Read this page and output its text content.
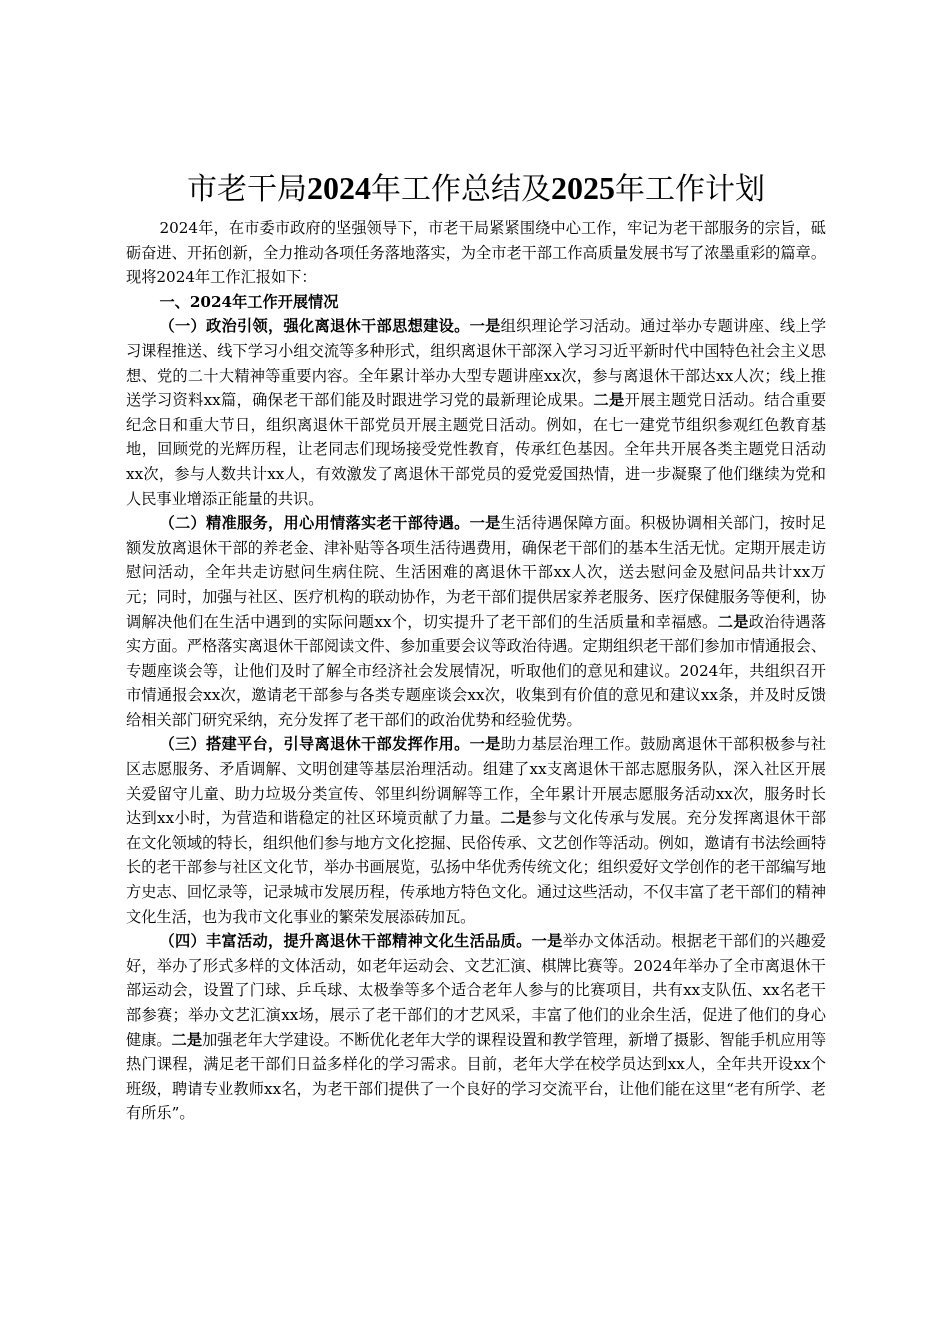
市老干局2024年工作总结及2025年工作计划

2024年，在市委市政府的坚强领导下，市老干局紧紧围绕中心工作，牢记为老干部服务的宗旨，砥砺奋进、开拓创新，全力推动各项任务落地落实，为全市老干部工作高质量发展书写了浓墨重彩的篇章。现将2024年工作汇报如下：

一、2024年工作开展情况

（一）政治引领，强化离退休干部思想建设。一是组织理论学习活动。通过举办专题讲座、线上学习课程推送、线下学习小组交流等多种形式，组织离退休干部深入学习习近平新时代中国特色社会主义思想、党的二十大精神等重要内容。全年累计举办大型专题讲座xx次，参与离退休干部达xx人次；线上推送学习资料xx篇，确保老干部们能及时跟进学习党的最新理论成果。二是开展主题党日活动。结合重要纪念日和重大节日，组织离退休干部党员开展主题党日活动。例如，在七一建党节组织参观红色教育基地，回顾党的光辉历程，让老同志们现场接受党性教育，传承红色基因。全年共开展各类主题党日活动xx次，参与人数共计xx人，有效激发了离退休干部党员的爱党爱国热情，进一步凝聚了他们继续为党和人民事业增添正能量的共识。

（二）精准服务，用心用情落实老干部待遇。一是生活待遇保障方面。积极协调相关部门，按时足额发放离退休干部的养老金、津补贴等各项生活待遇费用，确保老干部们的基本生活无忧。定期开展走访慰问活动，全年共走访慰问生病住院、生活困难的离退休干部xx人次，送去慰问金及慰问品共计xx万元；同时，加强与社区、医疗机构的联动协作，为老干部们提供居家养老服务、医疗保健服务等便利，协调解决他们在生活中遇到的实际问题xx个，切实提升了老干部们的生活质量和幸福感。二是政治待遇落实方面。严格落实离退休干部阅读文件、参加重要会议等政治待遇。定期组织老干部们参加市情通报会、专题座谈会等，让他们及时了解全市经济社会发展情况，听取他们的意见和建议。2024年，共组织召开市情通报会xx次，邀请老干部参与各类专题座谈会xx次，收集到有价值的意见和建议xx条，并及时反馈给相关部门研究采纳，充分发挥了老干部们的政治优势和经验优势。

（三）搭建平台，引导离退休干部发挥作用。一是助力基层治理工作。鼓励离退休干部积极参与社区志愿服务、矛盾调解、文明创建等基层治理活动。组建了xx支离退休干部志愿服务队，深入社区开展关爱留守儿童、助力垃圾分类宣传、邻里纠纷调解等工作，全年累计开展志愿服务活动xx次，服务时长达到xx小时，为营造和谐稳定的社区环境贡献了力量。二是参与文化传承与发展。充分发挥离退休干部在文化领域的特长，组织他们参与地方文化挖掘、民俗传承、文艺创作等活动。例如，邀请有书法绘画特长的老干部参与社区文化节，举办书画展览，弘扬中华优秀传统文化；组织爱好文学创作的老干部编写地方史志、回忆录等，记录城市发展历程，传承地方特色文化。通过这些活动，不仅丰富了老干部们的精神文化生活，也为我市文化事业的繁荣发展添砖加瓦。

（四）丰富活动，提升离退休干部精神文化生活品质。一是举办文体活动。根据老干部们的兴趣爱好，举办了形式多样的文体活动，如老年运动会、文艺汇演、棋牌比赛等。2024年举办了全市离退休干部运动会，设置了门球、乒乓球、太极拳等多个适合老年人参与的比赛项目，共有xx支队伍、xx名老干部参赛；举办文艺汇演xx场，展示了老干部们的才艺风采，丰富了他们的业余生活，促进了他们的身心健康。二是加强老年大学建设。不断优化老年大学的课程设置和教学管理，新增了摄影、智能手机应用等热门课程，满足老干部们日益多样化的学习需求。目前，老年大学在校学员达到xx人，全年共开设xx个班级，聘请专业教师xx名，为老干部们提供了一个良好的学习交流平台，让他们能在这里“老有所学、老有所乐”。
